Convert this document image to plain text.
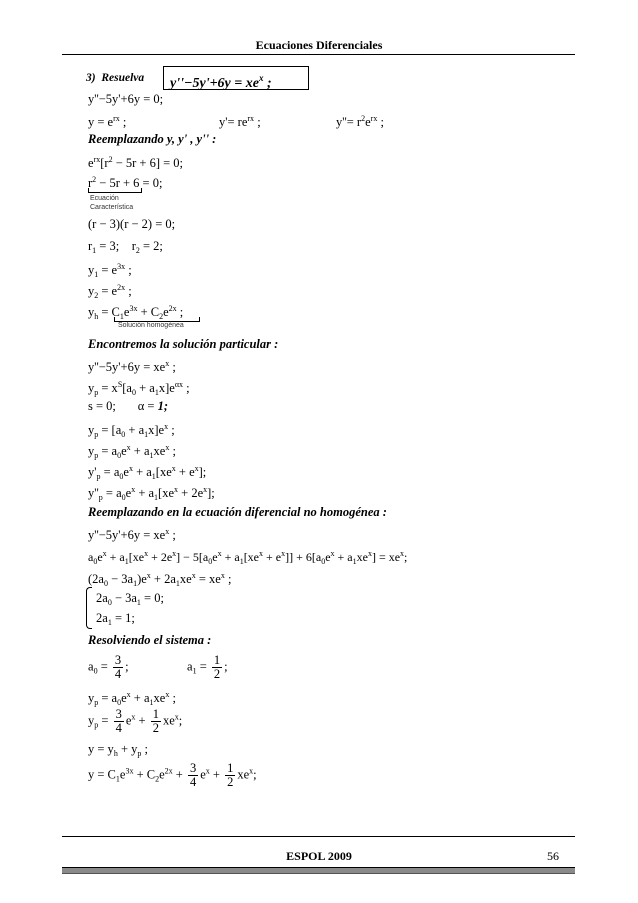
Ecuaciones Diferenciales
3)  Resuelva	$y''-5y'+6y = xe^x$ ;
y''−5y'+6y = 0;
$y = e^{rx}$ ;	$y'= re^{rx}$ ;	$y''= r^2e^{rx}$ ;
Reemplazando y, y' , y'' :
$e^{rx}[r^2 - 5r + 6] = 0$;
$r^2 - 5r + 6 = 0$;
Ecuación
Característica
(r − 3)(r − 2) = 0;
$r_1 = 3$;    $r_2 = 2$;
$y_1 = e^{3x}$ ;
$y_2 = e^{2x}$ ;
$y_h = C_1e^{3x} + C_2e^{2x}$ ;
Solución homogénea
Encontremos la solución particular :
$y''-5y'+6y = xe^x$ ;
$y_p = x^S[a_0 + a_1x]e^{\alpha x}$ ;
s = 0;       α = 1;
$y_p = [a_0 + a_1x]e^x$ ;
$y_p = a_0e^x + a_1xe^x$ ;
$y'_p = a_0e^x + a_1[xe^x + e^x]$;
$y''_p = a_0e^x + a_1[xe^x + 2e^x]$;
Reemplazando en la ecuación diferencial no homogénea :
$y''-5y'+6y = xe^x$ ;
$a_0e^x + a_1[xe^x + 2e^x] - 5[a_0e^x + a_1[xe^x + e^x]] + 6[a_0e^x + a_1xe^x] = xe^x$;
$(2a_0 - 3a_1)e^x + 2a_1xe^x = xe^x$ ;
$2a_0 - 3a_1 = 0$;
$2a_1 = 1$;
Resolviendo el sistema :
$a_0 = \frac{3}{4}$ ;	$a_1 = \frac{1}{2}$ ;
$y_p = a_0e^x + a_1xe^x$ ;
$y_p = \frac{3}{4} e^x + \frac{1}{2} xe^x$;
$y = y_h + y_p$ ;
$y = C_1e^{3x} + C_2e^{2x} + \frac{3}{4} e^x + \frac{1}{2} xe^x$;
ESPOL 2009	56
